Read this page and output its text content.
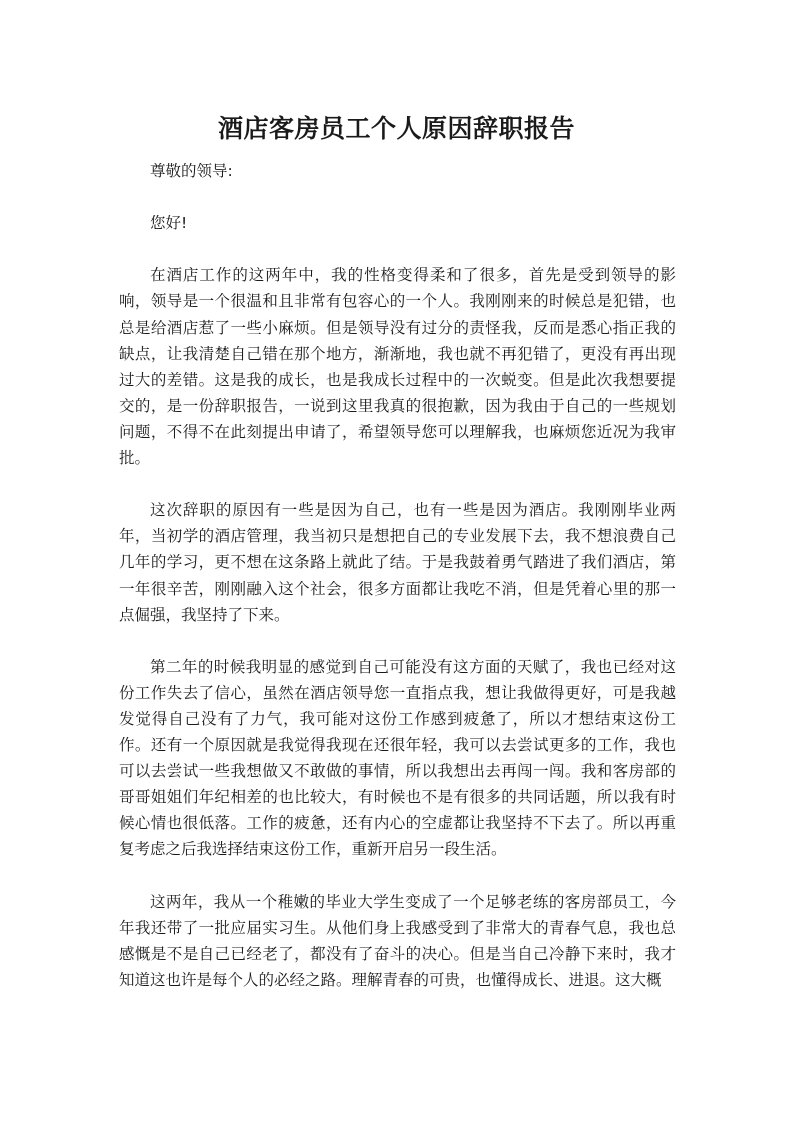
酒店客房员工个人原因辞职报告

尊敬的领导:

您好!

在酒店工作的这两年中，我的性格变得柔和了很多，首先是受到领导的影响，领导是一个很温和且非常有包容心的一个人。我刚刚来的时候总是犯错，也总是给酒店惹了一些小麻烦。但是领导没有过分的责怪我，反而是悉心指正我的缺点，让我清楚自己错在那个地方，渐渐地，我也就不再犯错了，更没有再出现过大的差错。这是我的成长，也是我成长过程中的一次蜕变。但是此次我想要提交的，是一份辞职报告，一说到这里我真的很抱歉，因为我由于自己的一些规划问题，不得不在此刻提出申请了，希望领导您可以理解我，也麻烦您近况为我审批。

这次辞职的原因有一些是因为自己，也有一些是因为酒店。我刚刚毕业两年，当初学的酒店管理，我当初只是想把自己的专业发展下去，我不想浪费自己几年的学习，更不想在这条路上就此了结。于是我鼓着勇气踏进了我们酒店，第一年很辛苦，刚刚融入这个社会，很多方面都让我吃不消，但是凭着心里的那一点倔强，我坚持了下来。

第二年的时候我明显的感觉到自己可能没有这方面的天赋了，我也已经对这份工作失去了信心，虽然在酒店领导您一直指点我，想让我做得更好，可是我越发觉得自己没有了力气，我可能对这份工作感到疲惫了，所以才想结束这份工作。还有一个原因就是我觉得我现在还很年轻，我可以去尝试更多的工作，我也可以去尝试一些我想做又不敢做的事情，所以我想出去再闯一闯。我和客房部的哥哥姐姐们年纪相差的也比较大，有时候也不是有很多的共同话题，所以我有时候心情也很低落。工作的疲惫，还有内心的空虚都让我坚持不下去了。所以再重复考虑之后我选择结束这份工作，重新开启另一段生活。

这两年，我从一个稚嫩的毕业大学生变成了一个足够老练的客房部员工，今年我还带了一批应届实习生。从他们身上我感受到了非常大的青春气息，我也总感慨是不是自己已经老了，都没有了奋斗的决心。但是当自己冷静下来时，我才知道这也许是每个人的必经之路。理解青春的可贵，也懂得成长、进退。这大概
